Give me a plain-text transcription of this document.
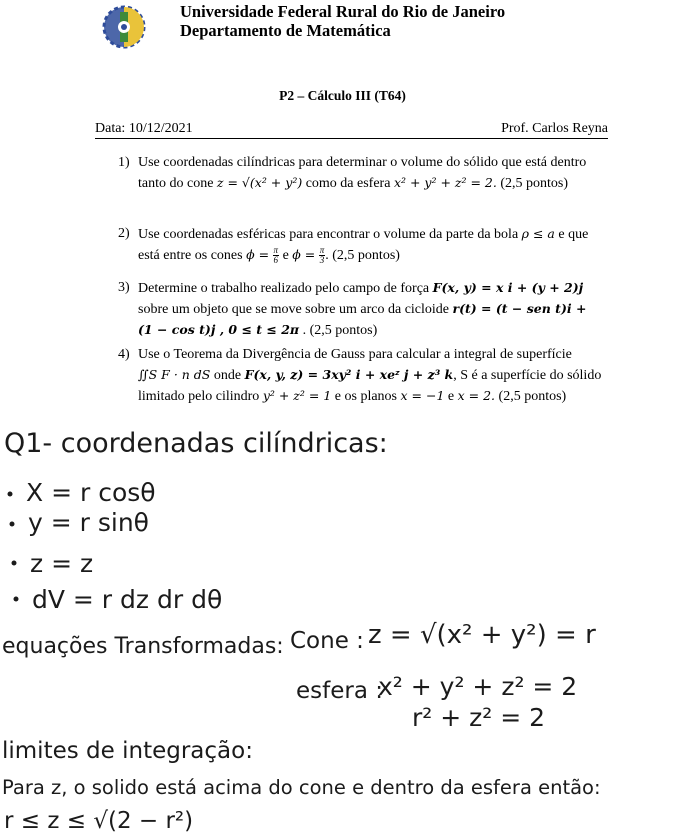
Universidade Federal Rural do Rio de Janeiro
Departamento de Matemática
P2 – Cálculo III (T64)
Data: 10/12/2021	Prof. Carlos Reyna
1) Use coordenadas cilíndricas para determinar o volume do sólido que está dentro
tanto do cone z = √(x² + y²) como da esfera x² + y² + z² = 2. (2,5 pontos)
2) Use coordenadas esféricas para encontrar o volume da parte da bola ρ ≤ a e que
está entre os cones $\phi = \frac{\pi}{6}$ e $\phi = \frac{\pi}{3}$ . (2,5 pontos)
3) Determine o trabalho realizado pelo campo de força F(x, y) = x i + (y + 2)j
sobre um objeto que se move sobre um arco da cicloide r(t) = (t − sen t)i +
(1 − cos t)j , 0 ≤ t ≤ 2π . (2,5 pontos)
4) Use o Teorema da Divergência de Gauss para calcular a integral de superfície
∬S F · n dS onde F(x, y, z) = 3xy² i + xeᶻ j + z³ k, S é a superfície do sólido
limitado pelo cilindro y² + z² = 1 e os planos x = −1 e x = 2. (2,5 pontos)
Q1- coordenadas cilíndricas:
X = r cosθ
y = r sinθ
z = z
dV = r dz dr dθ
equações Transformadas: Cone : z = √(x² + y²) = r
esfera :
x² + y² + z² = 2
r² + z² = 2
limites de integração:
Para z, o solido está acima do cone e dentro da esfera então:
r ≤ z ≤ √(2 − r²)
